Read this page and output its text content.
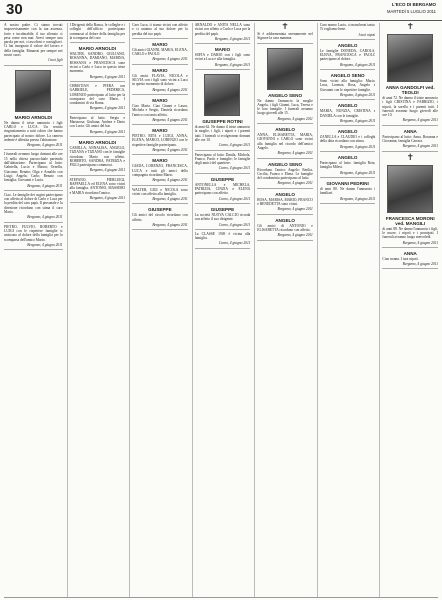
30	L'ECO DI BERGAMO
MARTEDÌ 5 LUGLIO 2011
A nostro padre. Ci siamo trovati improvvisamente con la tua assenza, forte e incolmabile, il tuo silenzio ci pesa come non mai. Avevi sempre una parola per noi, ci ascoltavi e consigliavi. Ci hai insegnato il valore del lavoro e della famiglia. Rimarrai per sempre nei nostri cuori.
I tuoi figli
MARIO ARNOLDI
Ne danno il triste annuncio i figli CARLO e LUCA. Un sentito ringraziamento a tutti coloro che hanno partecipato al nostro dolore. La camera ardente è allestita presso l'abitazione.
Bergamo, 4 giugno 2011
I funerali avranno luogo domani alle ore 15 nella chiesa parrocchiale partendo dall'abitazione. Partecipano al lutto: Gabriella, Lucio e Maura; Ornella; Giacomo; Renato; Olga e Arnaldo con Luigi; Angela; Carlo; Renato con famiglia; Giovanni e Lucia.
Bergamo, 4 giugno 2011
Ciao. Le famiglie dei cugini partecipano con affetto al dolore di Carlo e Luca per la perdita del caro papà. Il personale e la direzione ricordano con stima il caro Mario.
Bergamo, 4 giugno 2011
PIETRO, FULVIO, ROBERTO e LUIGI con le rispettive famiglie si uniscono al dolore della famiglia per la scomparsa dell'amico Mario.
Bergamo, 4 giugno 2011
I Dirigenti della Banca, le colleghe e i colleghi dell'ufficio partecipano commossi al dolore della famiglia per la scomparsa del caro
MARIO ARNOLDI
WALTER, SANDRO, GIULIANO, ROSANNA, DAMIANO, MARINA, ROSSANA e FRANCESCA sono vicini a Carlo e Luca in questo triste momento.
Bergamo, 4 giugno 2011
CHRISTIAN e PIERA con GABRIELE, FEDERICA, LORENZO partecipano al lutto per la scomparsa del caro Mario. I condomini di via Roma.
Bergamo, 4 giugno 2011
Partecipano al lutto: Sergio e Mariarosa; Giuliana; Andrea e Dario con Lucia. Gli amici del bar.
Bergamo, 4 giugno 2011
MARIO ARNOLDI
CAMILLA, ANNALISA, ANGELO, TIZIANA e TIZIANO con le famiglie ricordano Mario con affetto. ROBERTO, SANDRA, PATRIZIA e FIGLI partecipano commossi.
Bergamo, 4 giugno 2011
STEFANO, PIERLUIGI, RAFFAELLA ed ELENA sono vicini alla famiglia. ANTONIO, MASSIMO e MARIA ricordano l'amico.
Bergamo, 4 giugno 2011
Caro Luca, ti siamo vicini con affetto e ci uniamo al tuo dolore per la perdita del tuo papà.
MARIO
Gli amici GIANNI, MARIA, ELENA, CARLO e PAOLO.
Bergamo, 4 giugno 2011
MARIO
Gli amici FLAVIA, NICOLA e SILVIA con i figli sono vicini a Luca in questo momento di dolore.
Bergamo, 4 giugno 2011
MARIO
Ciao Mario. Ciao Gianni e Laura, Michela e Sergio, Daniela ricordano l'amico con tanto affetto.
Bergamo, 4 giugno 2011
MARIO
PIETRO, RITA e LUIGI, ANNA, ELENA, MARCO, LORENZO con le rispettive famiglie partecipano.
Bergamo, 4 giugno 2011
MARIO
GIADA, LORENZO, FRANCESCA, LUCA e tutti gli amici della compagnia ricordano Mario.
Bergamo, 4 giugno 2011
WALTER, GIGI e NICOLA sono vicini con affetto alla famiglia.
Bergamo, 4 giugno 2011
GIUSEPPE
Gli amici del circolo ricordano con affetto.
Bergamo, 4 giugno 2011
ARNALDO e ANITA NELLA sono vicini con affetto a Carlo e Luca per la perdita del papà.
Bergamo, 4 giugno 2011
MARIO
SOFIA e DARIO con i figli sono vicini a Luca e alla famiglia.
Bergamo, 4 giugno 2011
GIUSEPPE ROTINI
di anni 62. Ne danno il triste annuncio la moglie, i figli, i nipoti e i parenti tutti. I funerali si svolgeranno domani alle ore 10.
Curno, 4 giugno 2011
Partecipano al lutto: Danila, Michela, Franco, Paolo e famiglie; le famiglie degli amici del quartiere.
Curno, 4 giugno 2011
GIUSEPPE
ANTONELLA e MICHELA, PATRIZIA, CINZIA e ELENA partecipano con affetto.
Curno, 4 giugno 2011
GIUSEPPE
La società NUOVA CALCIO ricorda con affetto il suo dirigente.
Curno, 4 giugno 2011
La CLASSE 1949 è vicina alla famiglia.
Curno, 4 giugno 2011
✝
Si è addormentata serenamente nel Signore la cara mamma
ANGELO SENO
Ne danno l'annuncio la moglie Angela, i figli Gianni, Luca, Teresa e le loro famiglie. I funerali avranno luogo giovedì alle 15.
Bergamo, 4 giugno 2011
ANGELO
ANNA, ELISABETTA, MARIA, GIOVANNI e CARLO sono vicini alla famiglia nel ricordo dell'amico Angelo.
Bergamo, 4 giugno 2011
ANGELO SENO
Ricordano l'amico Angelo: Emilia, Cecilia, Franco e Elena. Le famiglie del condominio partecipano al lutto.
Bergamo, 4 giugno 2011
ANGELO
ROSA, MARISA, MARIO, FRANCO e BENEDETTA sono vicini.
Bergamo, 4 giugno 2011
ANGELO
Gli amici di ANTONIO e ELISABETTA ricordano con affetto.
Bergamo, 4 giugno 2011
Caro nonno Lucio, ci mancherai tanto. Ti vogliamo bene.
I tuoi nipoti
ANGELO
Le famiglie DONEDA, CAROLA, ELENA, FRANCESCA e PAOLO partecipano al dolore.
Bergamo, 4 giugno 2011
ANGELO SENO
Sono vicini alla famiglia: Mario, Luca, Lorenza, Rosa, Angelo e Giovanni con le rispettive famiglie.
Bergamo, 4 giugno 2011
ANGELO
MARIA, NUNZIA, CRISTINA e DANIELA con le famiglie.
Bergamo, 4 giugno 2011
ANGELO
ZANELLA e CLAUDIO e i colleghi della ditta ricordano con stima.
Bergamo, 4 giugno 2011
ANGELO
Partecipano al lutto: famiglia Rota, famiglia Milesi.
Bergamo, 4 giugno 2011
GIOVANNI PEDRINI
di anni 80. Ne danno l'annuncio i familiari.
Bergamo, 4 giugno 2011
✝
ANNA GANDOLFI ved. TEOLDI
di anni 72. Ne danno il triste annuncio i figli CRISTINA e FABRIZIO, i nipoti, la sorella e i parenti tutti. I funerali avranno luogo giovedì alle ore 10.
Bergamo, 4 giugno 2011
ANNA
Partecipano al lutto: Anna, Rosanna e Giovanna; famiglia Carrara.
Bergamo, 4 giugno 2011
✝
FRANCESCA MORONI ved. MANGILI
di anni 88. Ne danno l'annuncio i figli, le nuore, i nipoti e i pronipoti. I funerali avranno luogo mercoledì.
Bergamo, 4 giugno 2011
ANNA
Ciao nonna. I tuoi nipoti.
Bergamo, 4 giugno 2011
